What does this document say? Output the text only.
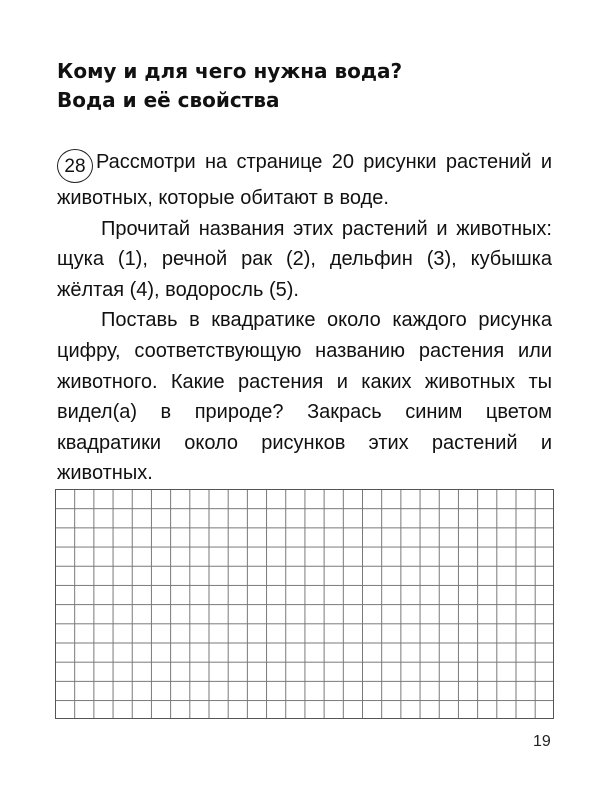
Кому и для чего нужна вода?
Вода и её свойства

28 Рассмотри на странице 20 рисунки растений и животных, которые обитают в воде.

Прочитай названия этих растений и животных: щука (1), речной рак (2), дельфин (3), кубышка жёлтая (4), водоросль (5).

Поставь в квадратике около каждого рисунка цифру, соответствующую названию растения или животного. Какие растения и каких животных ты видел(а) в природе? Закрась синим цветом квадратики около рисунков этих растений и животных.

19
